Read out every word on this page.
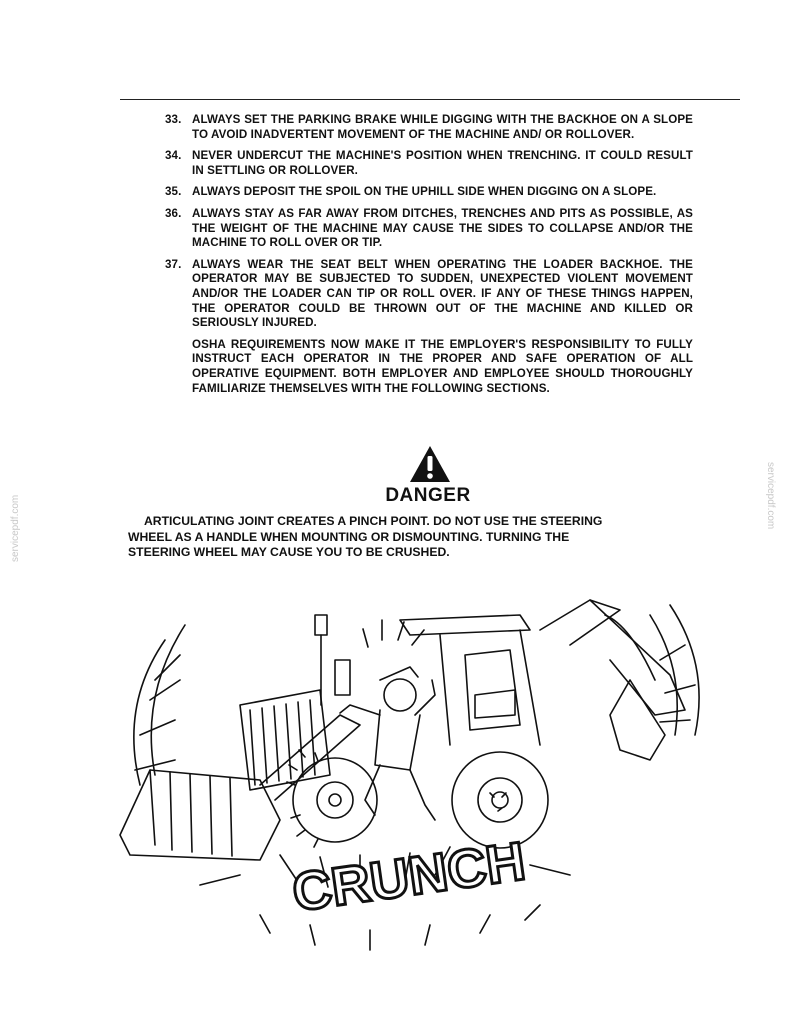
33. ALWAYS SET THE PARKING BRAKE WHILE DIGGING WITH THE BACKHOE ON A SLOPE TO AVOID INADVERTENT MOVEMENT OF THE MACHINE AND/ OR ROLLOVER.
34. NEVER UNDERCUT THE MACHINE'S POSITION WHEN TRENCHING. IT COULD RESULT IN SETTLING OR ROLLOVER.
35. ALWAYS DEPOSIT THE SPOIL ON THE UPHILL SIDE WHEN DIGGING ON A SLOPE.
36. ALWAYS STAY AS FAR AWAY FROM DITCHES, TRENCHES AND PITS AS POSSIBLE, AS THE WEIGHT OF THE MACHINE MAY CAUSE THE SIDES TO COLLAPSE AND/OR THE MACHINE TO ROLL OVER OR TIP.
37. ALWAYS WEAR THE SEAT BELT WHEN OPERATING THE LOADER BACKHOE. THE OPERATOR MAY BE SUBJECTED TO SUDDEN, UNEXPECTED VIOLENT MOVEMENT AND/OR THE LOADER CAN TIP OR ROLL OVER. IF ANY OF THESE THINGS HAPPEN, THE OPERATOR COULD BE THROWN OUT OF THE MACHINE AND KILLED OR SERIOUSLY INJURED.
OSHA REQUIREMENTS NOW MAKE IT THE EMPLOYER'S RESPONSIBILITY TO FULLY INSTRUCT EACH OPERATOR IN THE PROPER AND SAFE OPERATION OF ALL OPERATIVE EQUIPMENT. BOTH EMPLOYER AND EMPLOYEE SHOULD THOROUGHLY FAMILIARIZE THEMSELVES WITH THE FOLLOWING SECTIONS.
DANGER
ARTICULATING JOINT CREATES A PINCH POINT. DO NOT USE THE STEERING
WHEEL AS A HANDLE WHEN MOUNTING OR DISMOUNTING. TURNING THE
STEERING WHEEL MAY CAUSE YOU TO BE CRUSHED.
servicepdf.com	servicepdf.com
CRUNCH
